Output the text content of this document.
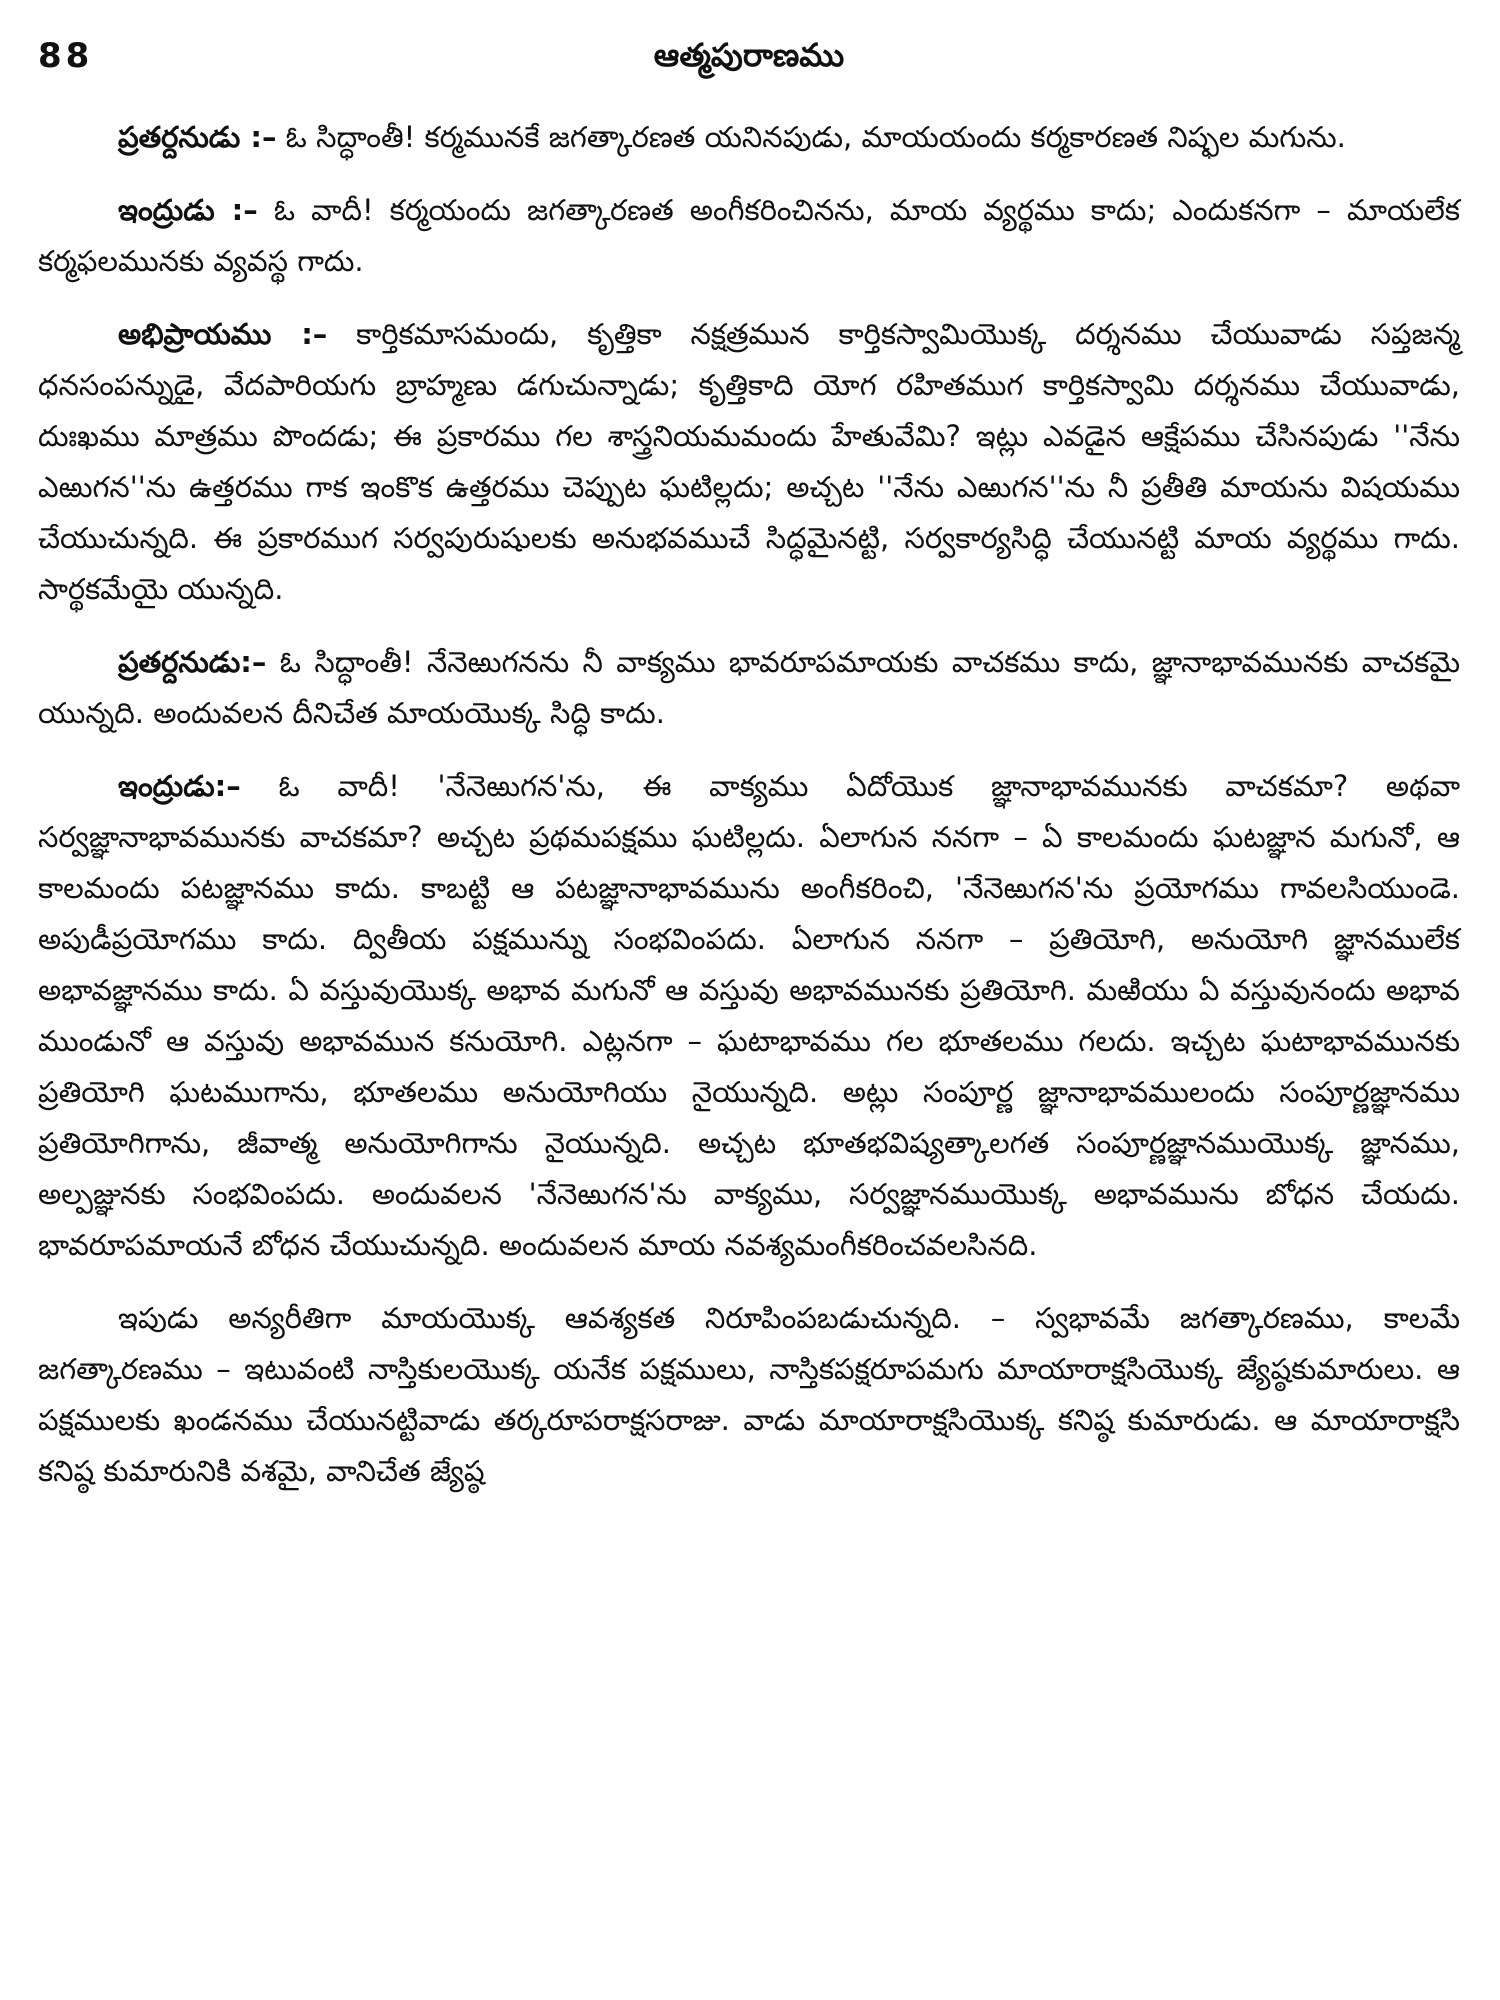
88	ఆత్మపురాణము

ప్రతర్దనుడు :– ఓ సిద్ధాంతీ! కర్మమునకే జగత్కారణత యనినపుడు, మాయయందు కర్మకారణత నిష్ఫల మగును.

ఇంద్రుడు :– ఓ వాదీ! కర్మయందు జగత్కారణత అంగీకరించినను, మాయ వ్యర్థము కాదు; ఎందుకనగా – మాయలేక కర్మఫలమునకు వ్యవస్థ గాదు.

అభిప్రాయము :– కార్తికమాసమందు, కృత్తికా నక్షత్రమున కార్తికస్వామియొక్క దర్శనము చేయువాడు సప్తజన్మ ధనసంపన్నుడై, వేదపారియగు బ్రాహ్మణు డగుచున్నాడు; కృత్తికాది యోగ రహితముగ కార్తికస్వామి దర్శనము చేయువాడు, దుఃఖము మాత్రము పొందడు; ఈ ప్రకారము గల శాస్త్రనియమమందు హేతువేమి? ఇట్లు ఎవడైన ఆక్షేపము చేసినపుడు ''నేను ఎఱుగన''ను ఉత్తరము గాక ఇంకొక ఉత్తరము చెప్పుట ఘటిల్లదు; అచ్చట ''నేను ఎఱుగన''ను నీ ప్రతీతి మాయను విషయము చేయుచున్నది. ఈ ప్రకారముగ సర్వపురుషులకు అనుభవముచే సిద్ధమైనట్టి, సర్వకార్యసిద్ధి చేయునట్టి మాయ వ్యర్థము గాదు. సార్థకమేయై యున్నది.

ప్రతర్దనుడు:– ఓ సిద్ధాంతీ! నేనెఱుగనను నీ వాక్యము భావరూపమాయకు వాచకము కాదు, జ్ఞానాభావమునకు వాచకమై యున్నది. అందువలన దీనిచేత మాయయొక్క సిద్ధి కాదు.

ఇంద్రుడు:– ఓ వాదీ! 'నేనెఱుగన'ను, ఈ వాక్యము ఏదోయొక జ్ఞానాభావమునకు వాచకమా? అథవా సర్వజ్ఞానాభావమునకు వాచకమా? అచ్చట ప్రథమపక్షము ఘటిల్లదు. ఏలాగున ననగా – ఏ కాలమందు ఘటజ్ఞాన మగునో, ఆ కాలమందు పటజ్ఞానము కాదు. కాబట్టి ఆ పటజ్ఞానాభావమును అంగీకరించి, 'నేనెఱుగన'ను ప్రయోగము గావలసియుండె. అపుడీప్రయోగము కాదు. ద్వితీయ పక్షమున్ను సంభవింపదు. ఏలాగున ననగా – ప్రతియోగి, అనుయోగి జ్ఞానములేక అభావజ్ఞానము కాదు. ఏ వస్తువుయొక్క అభావ మగునో ఆ వస్తువు అభావమునకు ప్రతియోగి. మఱియు ఏ వస్తువునందు అభావ ముండునో ఆ వస్తువు అభావమున కనుయోగి. ఎట్లనగా – ఘటాభావము గల భూతలము గలదు. ఇచ్చట ఘటాభావమునకు ప్రతియోగి ఘటముగాను, భూతలము అనుయోగియు నైయున్నది. అట్లు సంపూర్ణ జ్ఞానాభావములందు సంపూర్ణజ్ఞానము ప్రతియోగిగాను, జీవాత్మ అనుయోగిగాను నైయున్నది. అచ్చట భూతభవిష్యత్కాలగత సంపూర్ణజ్ఞానముయొక్క జ్ఞానము, అల్పజ్ఞునకు సంభవింపదు. అందువలన 'నేనెఱుగన'ను వాక్యము, సర్వజ్ఞానముయొక్క అభావమును బోధన చేయదు. భావరూపమాయనే బోధన చేయుచున్నది. అందువలన మాయ నవశ్యమంగీకరించవలసినది.

ఇపుడు అన్యరీతిగా మాయయొక్క ఆవశ్యకత నిరూపింపబడుచున్నది. – స్వభావమే జగత్కారణము, కాలమే జగత్కారణము – ఇటువంటి నాస్తికులయొక్క యనేక పక్షములు, నాస్తికపక్షరూపమగు మాయారాక్షసియొక్క జ్యేష్ఠకుమారులు. ఆ పక్షములకు ఖండనము చేయునట్టివాడు తర్కరూపరాక్షసరాజు. వాడు మాయారాక్షసియొక్క కనిష్ఠ కుమారుడు. ఆ మాయారాక్షసి కనిష్ఠ కుమారునికి వశమై, వానిచేత జ్యేష్ఠ
